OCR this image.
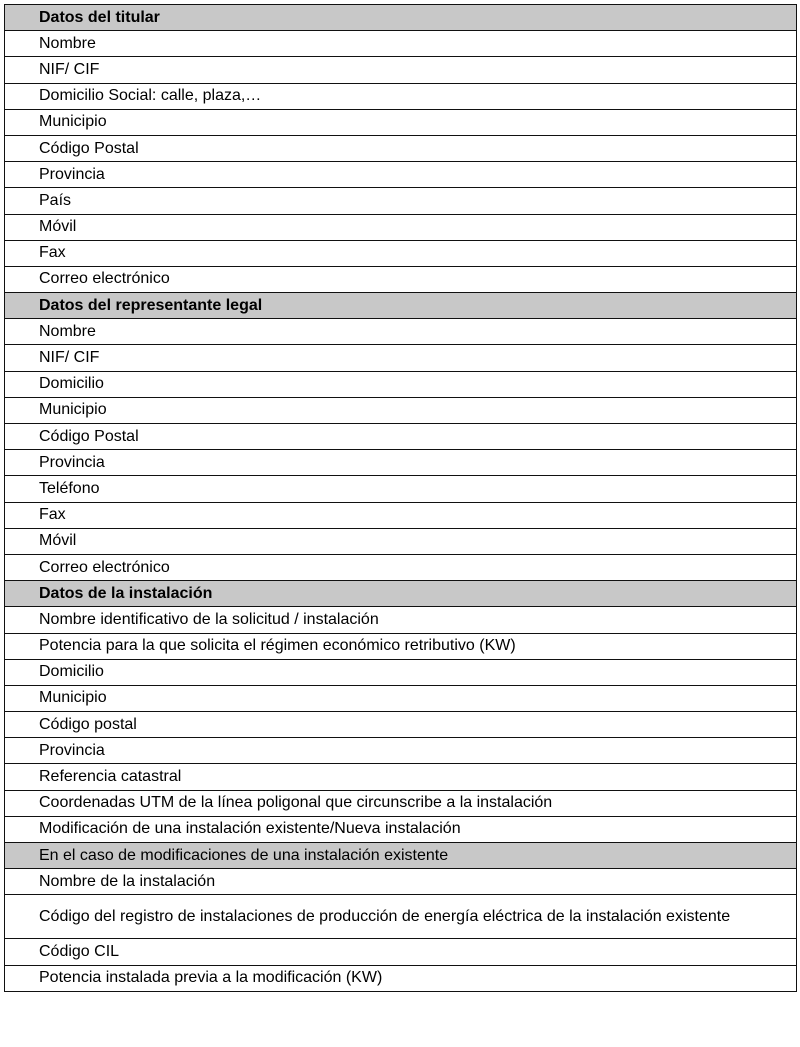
Datos del titular
Nombre
NIF/ CIF
Domicilio Social: calle, plaza,…
Municipio
Código Postal
Provincia
País
Móvil
Fax
Correo electrónico
Datos del representante legal
Nombre
NIF/ CIF
Domicilio
Municipio
Código Postal
Provincia
Teléfono
Fax
Móvil
Correo electrónico
Datos de la instalación
Nombre identificativo de la solicitud / instalación
Potencia para la que solicita el régimen económico retributivo (KW)
Domicilio
Municipio
Código postal
Provincia
Referencia catastral
Coordenadas UTM de la línea poligonal que circunscribe a la instalación
Modificación de una instalación existente/Nueva instalación
En el caso de modificaciones de una instalación existente
Nombre de la instalación
Código del registro de instalaciones de producción de energía eléctrica de la instalación existente
Código CIL
Potencia instalada previa a la modificación (KW)
